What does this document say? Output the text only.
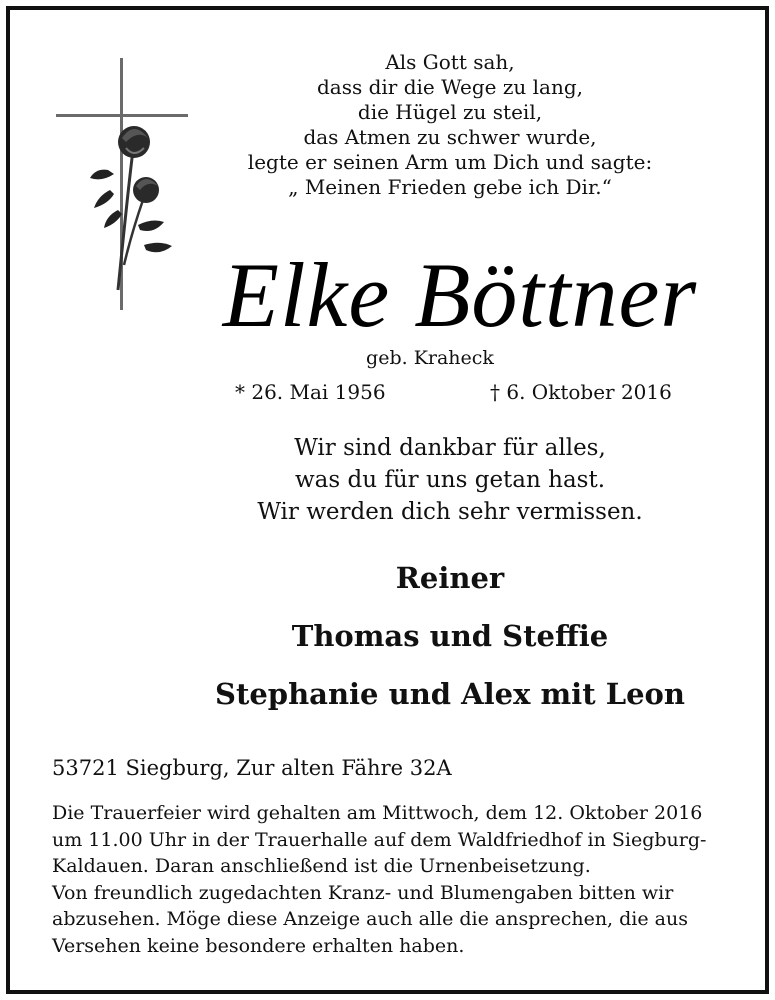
Als Gott sah,
dass dir die Wege zu lang,
die Hügel zu steil,
das Atmen zu schwer wurde,
legte er seinen Arm um Dich und sagte:
„ Meinen Frieden gebe ich Dir.“
Elke Böttner
geb. Kraheck
* 26. Mai 1956	† 6. Oktober 2016
Wir sind dankbar für alles,
was du für uns getan hast.
Wir werden dich sehr vermissen.
Reiner
Thomas und Steffie
Stephanie und Alex mit Leon
53721 Siegburg, Zur alten Fähre 32A
Die Trauerfeier wird gehalten am Mittwoch, dem 12. Oktober 2016
um 11.00 Uhr in der Trauerhalle auf dem Waldfriedhof in Siegburg-
Kaldauen. Daran anschließend ist die Urnenbeisetzung.
Von freundlich zugedachten Kranz- und Blumengaben bitten wir
abzusehen. Möge diese Anzeige auch alle die ansprechen, die aus
Versehen keine besondere erhalten haben.
